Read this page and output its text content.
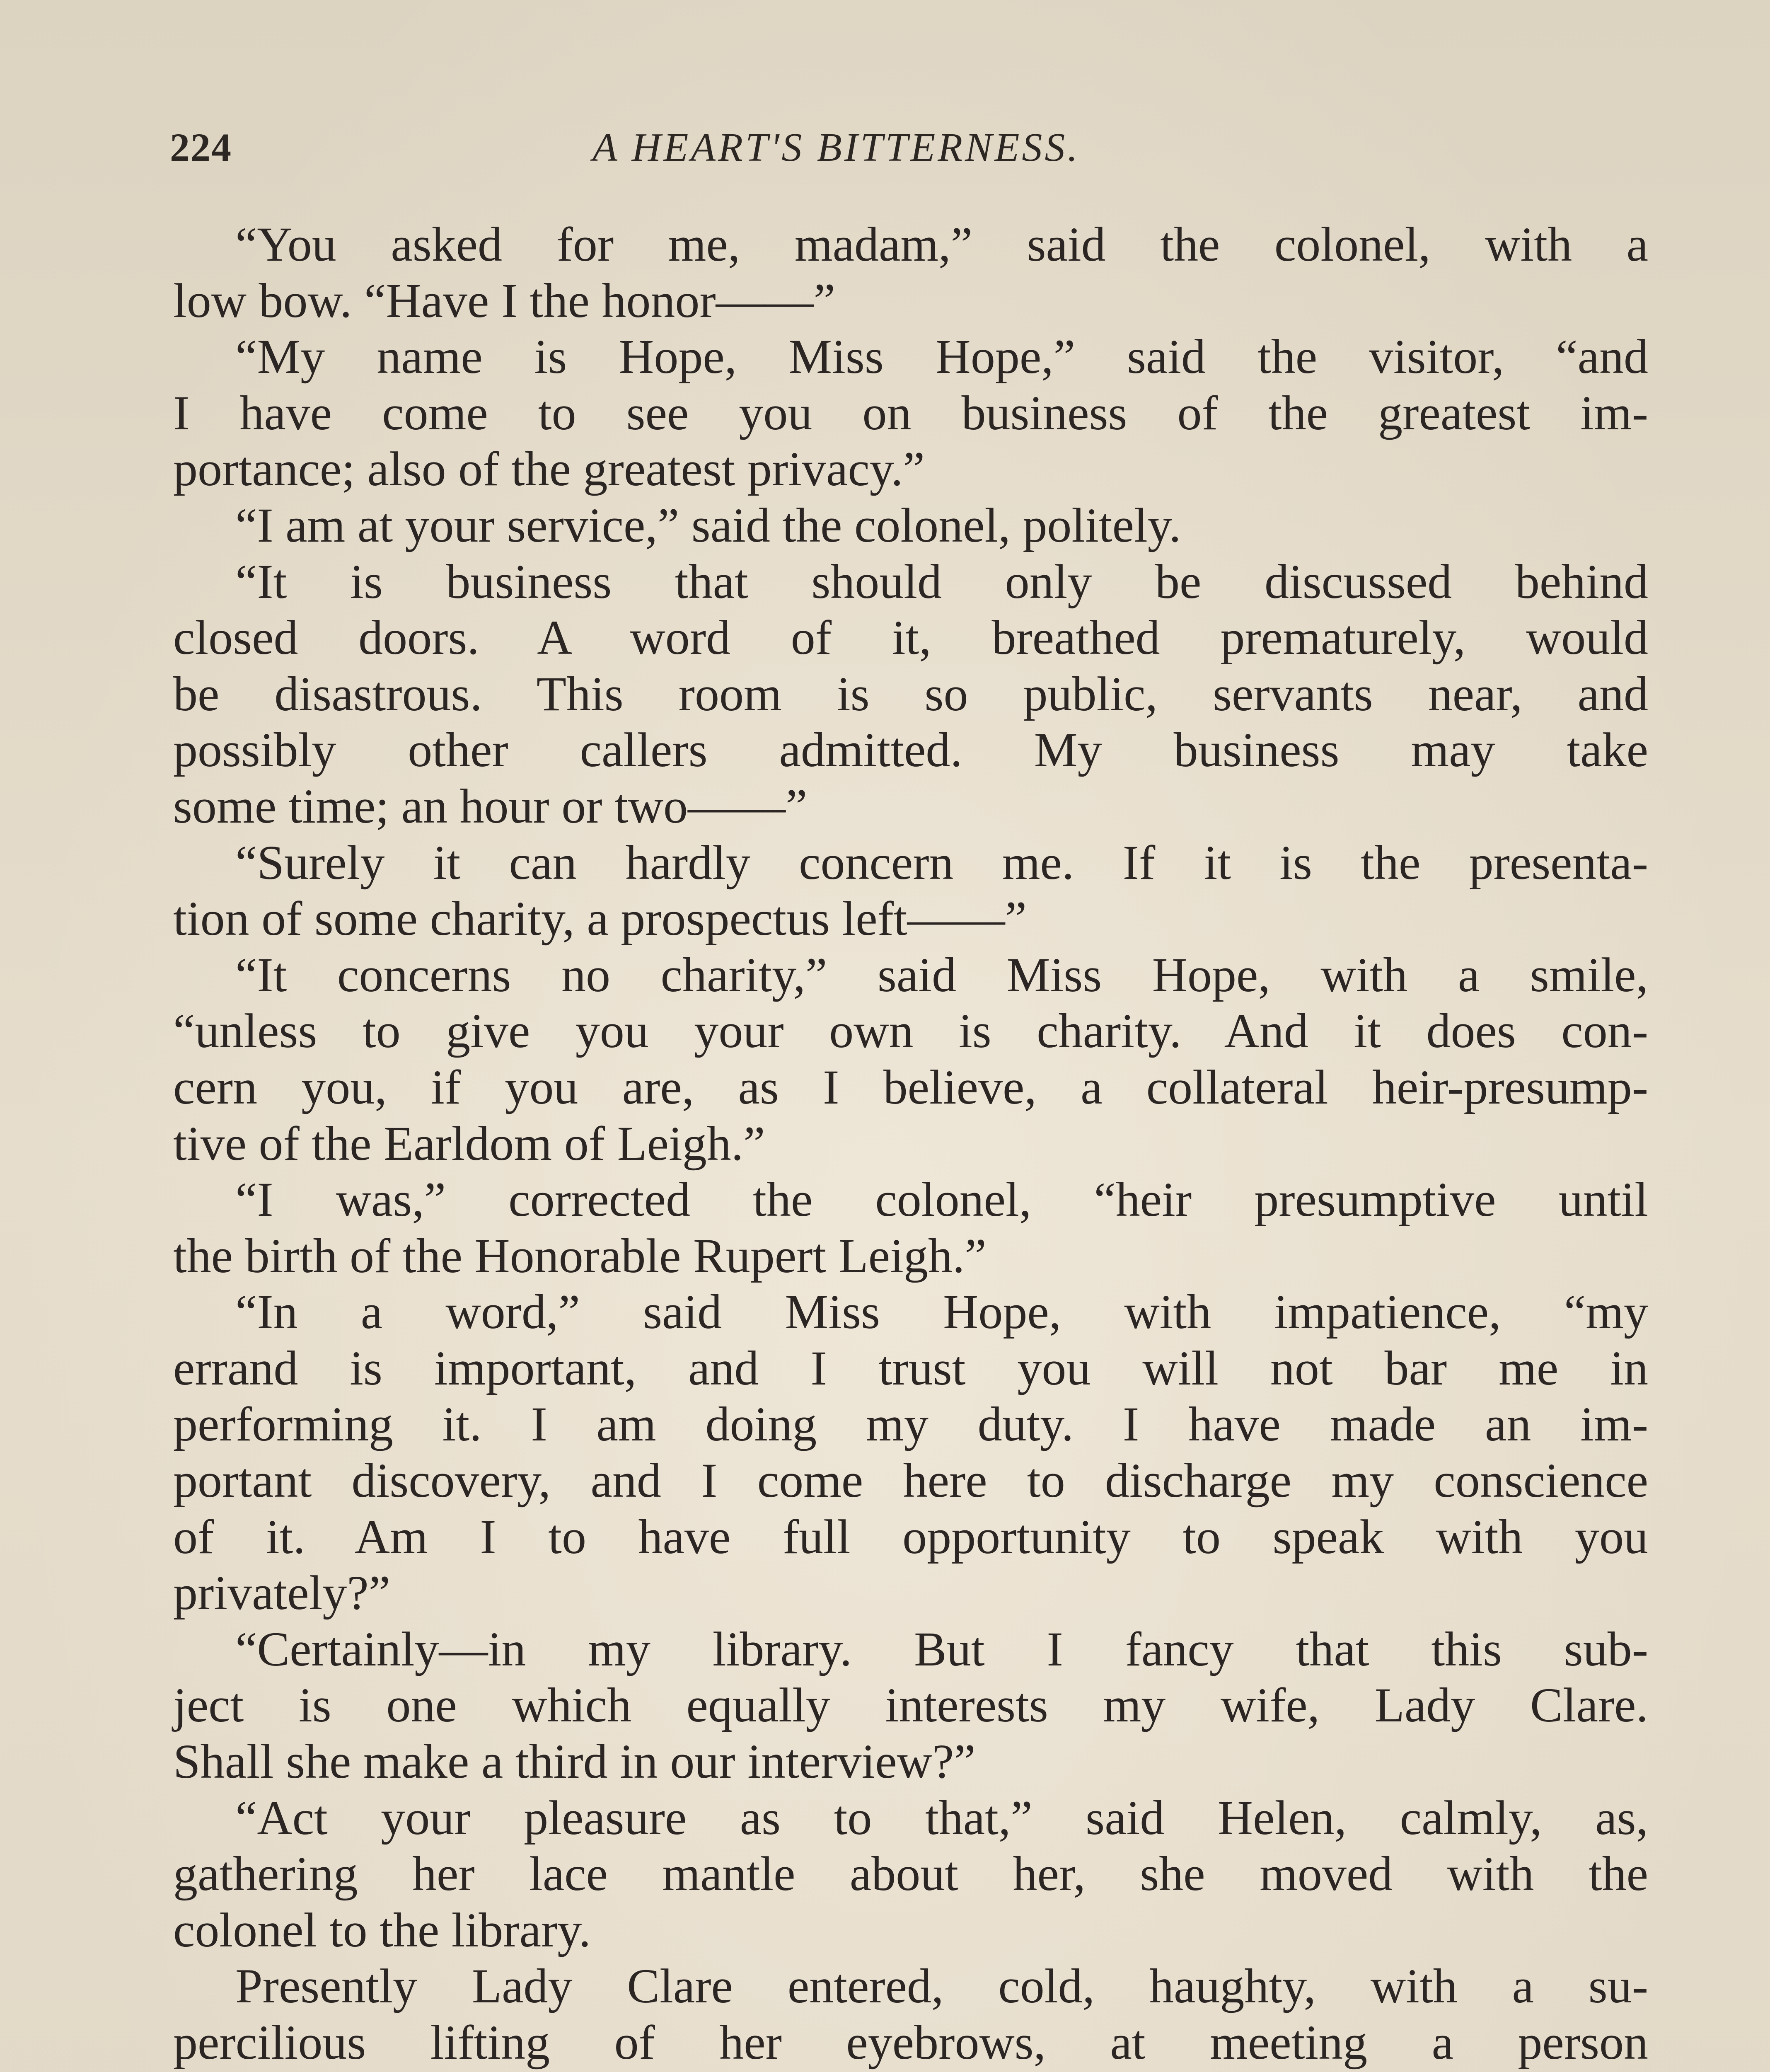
224	A HEART'S BITTERNESS.
“You asked for me, madam,” said the colonel, with a
low bow. “Have I the honor——”
“My name is Hope, Miss Hope,” said the visitor, “and
I have come to see you on business of the greatest im-
portance; also of the greatest privacy.”
“I am at your service,” said the colonel, politely.
“It is business that should only be discussed behind
closed doors. A word of it, breathed prematurely, would
be disastrous. This room is so public, servants near, and
possibly other callers admitted. My business may take
some time; an hour or two——”
“Surely it can hardly concern me. If it is the presenta-
tion of some charity, a prospectus left——”
“It concerns no charity,” said Miss Hope, with a smile,
“unless to give you your own is charity. And it does con-
cern you, if you are, as I believe, a collateral heir-presump-
tive of the Earldom of Leigh.”
“I was,” corrected the colonel, “heir presumptive until
the birth of the Honorable Rupert Leigh.”
“In a word,” said Miss Hope, with impatience, “my
errand is important, and I trust you will not bar me in
performing it. I am doing my duty. I have made an im-
portant discovery, and I come here to discharge my conscience
of it. Am I to have full opportunity to speak with you
privately?”
“Certainly—in my library. But I fancy that this sub-
ject is one which equally interests my wife, Lady Clare.
Shall she make a third in our interview?”
“Act your pleasure as to that,” said Helen, calmly, as,
gathering her lace mantle about her, she moved with the
colonel to the library.
Presently Lady Clare entered, cold, haughty, with a su-
percilious lifting of her eyebrows, at meeting a person
